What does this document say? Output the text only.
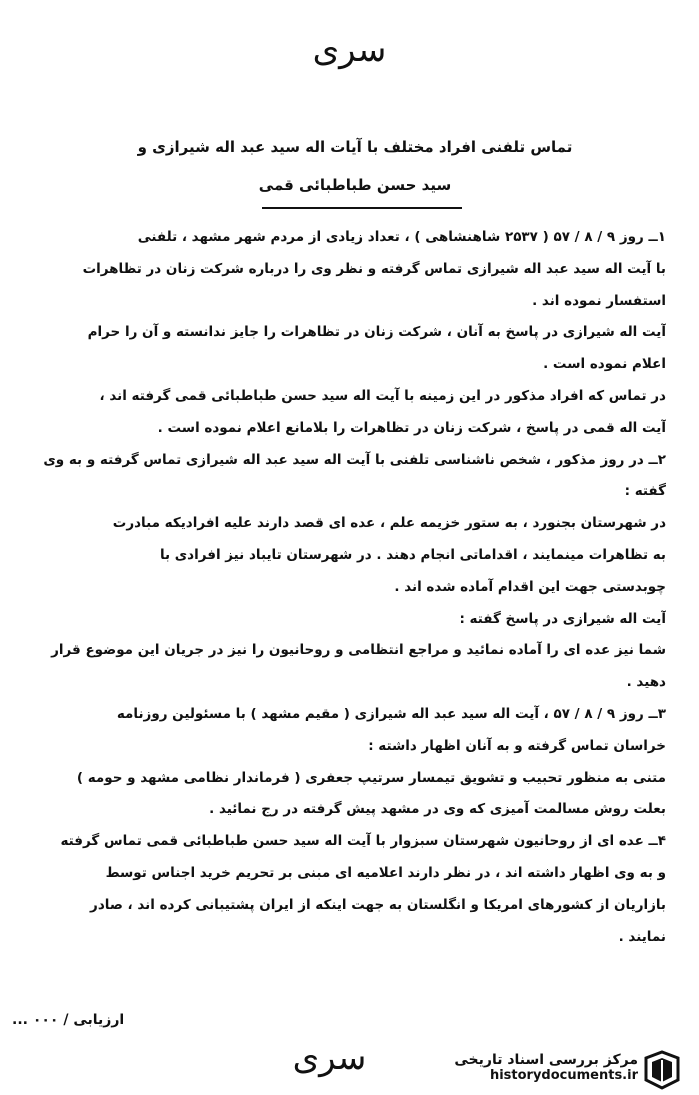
سری
تماس تلفنی افراد مختلف با آیات اله سید عبد اله شیرازی و
سید حسن طباطبائی قمی

۱ــ روز ۹ / ۸ / ۵۷ ( ۲۵۳۷ شاهنشاهی ) ، تعداد زیادی از مردم شهر مشهد ، تلفنی

با آیت اله سید عبد اله شیرازی تماس گرفته و نظر وی را درباره شرکت زنان در تظاهرات

استفسار نموده اند .

آیت اله شیرازی در پاسخ به آنان ، شرکت زنان در تظاهرات را جایز ندانسته و آن را حرام

اعلام نموده است .

در تماس که افراد مذکور در این زمینه با آیت اله سید حسن طباطبائی قمی گرفته اند ،

آیت اله قمی در پاسخ ، شرکت زنان در تظاهرات را بلامانع اعلام نموده است .

۲ــ در روز مذکور ، شخص ناشناسی تلفنی با آیت اله سید عبد اله شیرازی تماس گرفته و به وی

گفته :

در شهرستان بجنورد ، به ستور خزیمه علم ، عده ای قصد دارند علیه افرادیکه مبادرت

به تظاهرات مینمایند ، اقداماتی انجام دهند . در شهرستان تایباد نیز افرادی با

چوبدستی جهت این اقدام آماده شده اند .

آیت اله شیرازی در پاسخ گفته :

شما نیز عده ای را آماده نمائید و مراجع انتظامی و روحانیون را نیز در جریان این موضوع قرار

دهید .

۳ــ روز ۹ / ۸ / ۵۷ ، آیت اله سید عبد اله شیرازی ( مقیم مشهد ) با مسئولین روزنامه

خراسان تماس گرفته و به آنان اظهار داشته :

متنی به منظور تحبیب و تشویق تیمسار سرتیپ جعفری ( فرماندار نظامی مشهد و حومه )

بعلت روش مسالمت آمیزی که وی در مشهد پیش گرفته در رج نمائید .

۴ــ عده ای از روحانیون شهرستان سبزوار با آیت اله سید حسن طباطبائی قمی تماس گرفته

و به وی اظهار داشته اند ، در نظر دارند اعلامیه ای مبنی بر تحریم خرید اجناس توسط

بازاریان از کشورهای امریکا و انگلستان به جهت اینکه از ایران پشتیبانی کرده اند ، صادر

نمایند .

ارزیابی / ۰۰۰ ...
سری	مرکز بررسی اسناد تاریخی
historydocuments.ir
